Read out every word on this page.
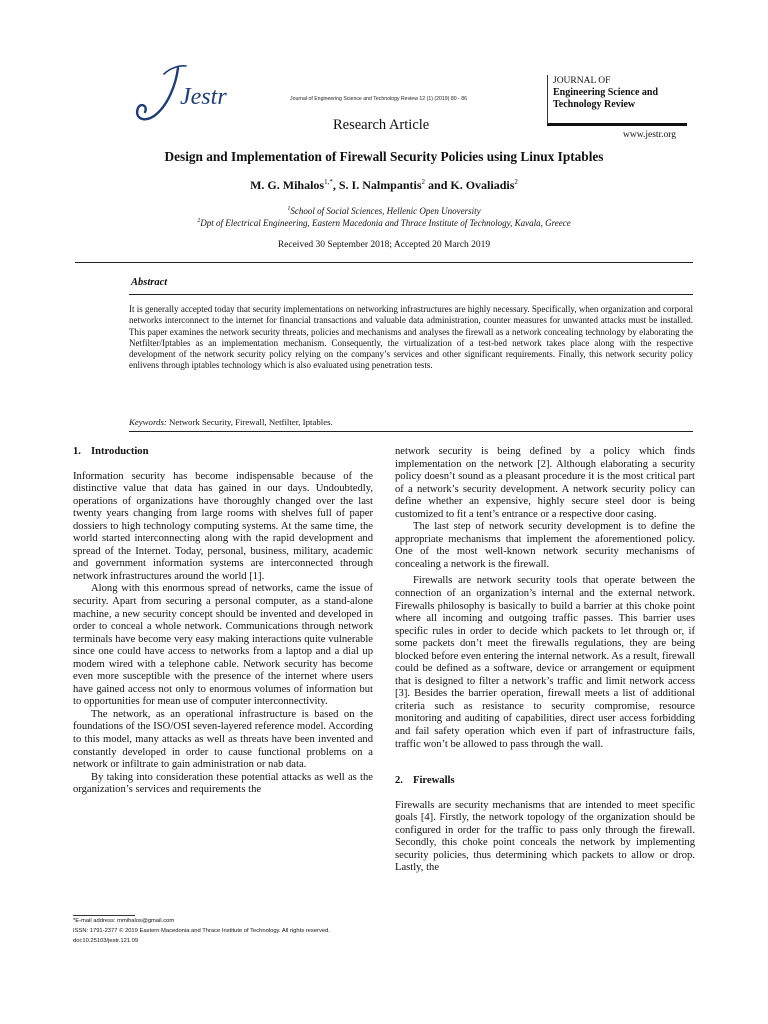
Jestr	Journal of Engineering Science and Technology Review 12 (1) (2019) 80 - 86
Research Article
JOURNAL OF
Engineering Science and
Technology Review
www.jestr.org
Design and Implementation of Firewall Security Policies using Linux Iptables
M. G. Mihalos$^{1,*}$, S. I. Nalmpantis$^2$ and K. Ovaliadis$^2$
$^1$School of Social Sciences, Hellenic Open Unοversity
$^2$Dpt of Electrical Engineering, Eastern Macedonia and Thrace Institute of Technology, Kavala, Greece
Received 30 September 2018; Accepted 20 March 2019
Abstract
It is generally accepted today that security implementations on networking infrastructures are highly necessary. Specifically, when organization and corporal networks interconnect to the internet for financial transactions and valuable data administration, counter measures for unwanted attacks must be installed. This paper examines the network security threats, policies and mechanisms and analyses the firewall as a network concealing technology by elaborating the Netfilter/Iptables as an implementation mechanism. Consequently, the virtualization of a test-bed network takes place along with the respective development of the network security policy relying on the company’s services and other significant requirements. Finally, this network security policy enlivens through iptables technology which is also evaluated using penetration tests.
Keywords: Network Security, Firewall, Netfilter, Iptables.
1. Introduction

Information security has become indispensable because of the distinctive value that data has gained in our days. Undoubtedly, operations of organizations have thoroughly changed over the last twenty years changing from large rooms with shelves full of paper dossiers to high technology computing systems. At the same time, the world started interconnecting along with the rapid development and spread of the Internet. Today, personal, business, military, academic and government information systems are interconnected through network infrastructures around the world [1].

Along with this enormous spread of networks, came the issue of security. Apart from securing a personal computer, as a stand-alone machine, a new security concept should be invented and developed in order to conceal a whole network. Communications through network terminals have become very easy making interactions quite vulnerable since one could have access to networks from a laptop and a dial up modem wired with a telephone cable. Network security has become even more susceptible with the presence of the internet where users have gained access not only to enormous volumes of information but to opportunities for mean use of computer interconnectivity.

The network, as an operational infrastructure is based on the foundations of the ISO/OSI seven-layered reference model. According to this model, many attacks as well as threats have been invented and constantly developed in order to cause functional problems on a network or infiltrate to gain administration or nab data.

By taking into consideration these potential attacks as well as the organization’s services and requirements the

network security is being defined by a policy which finds implementation on the network [2]. Although elaborating a security policy doesn’t sound as a pleasant procedure it is the most critical part of a network’s security development. A network security policy can define whether an expensive, highly secure steel door is being customized to fit a tent’s entrance or a respective door casing.

The last step of network security development is to define the appropriate mechanisms that implement the aforementioned policy. One of the most well-known network security mechanisms of concealing a network is the firewall.

Firewalls are network security tools that operate between the connection of an organization’s internal and the external network. Firewalls philosophy is basically to build a barrier at this choke point where all incoming and outgoing traffic passes. This barrier uses specific rules in order to decide which packets to let through or, if some packets don’t meet the firewalls regulations, they are being blocked before even entering the internal network. As a result, firewall could be defined as a software, device or arrangement or equipment that is designed to filter a network’s traffic and limit network access [3]. Besides the barrier operation, firewall meets a list of additional criteria such as resistance to security compromise, resource monitoring and auditing of capabilities, direct user access forbidding and fail safety operation which even if part of infrastructure fails, traffic won’t be allowed to pass through the wall.

2. Firewalls

Firewalls are security mechanisms that are intended to meet specific goals [4]. Firstly, the network topology of the organization should be configured in order for the traffic to pass only through the firewall. Secondly, this choke point conceals the network by implementing security policies, thus determining which packets to allow or drop. Lastly, the

*E-mail address: mmihalos@gmail.com
ISSN: 1791-2377 © 2019 Eastern Macedonia and Thrace Institute of Technology. All rights reserved.
doi:10.25103/jestr.121.09
